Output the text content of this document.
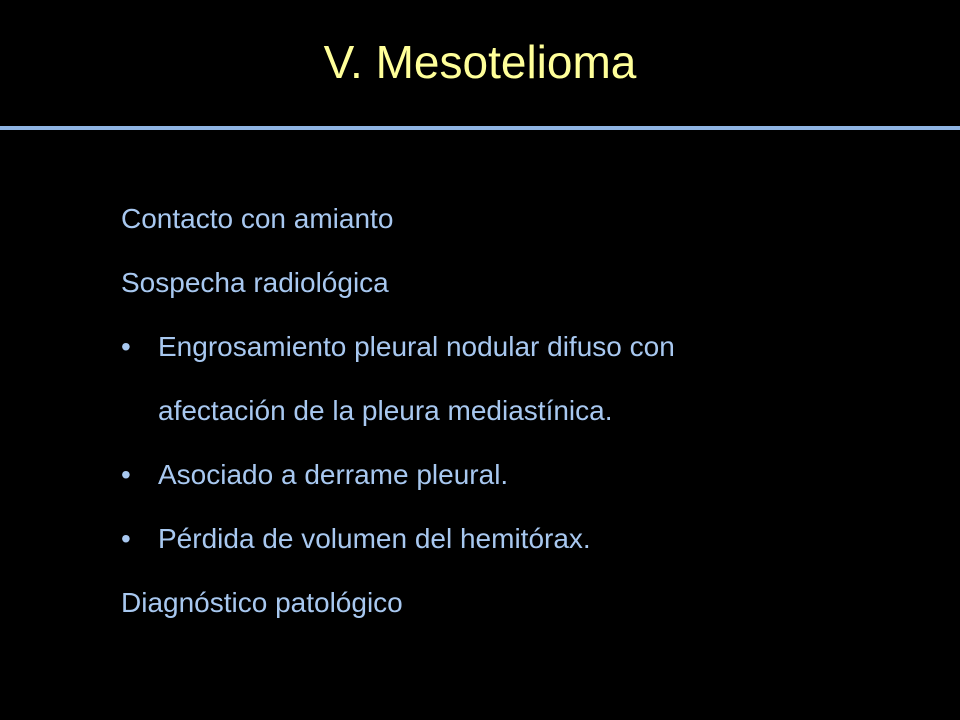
V. Mesotelioma
Contacto con amianto
Sospecha radiológica
• Engrosamiento pleural nodular difuso con
afectación de la pleura mediastínica.
• Asociado a derrame pleural.
• Pérdida de volumen del hemitórax.
Diagnóstico patológico
